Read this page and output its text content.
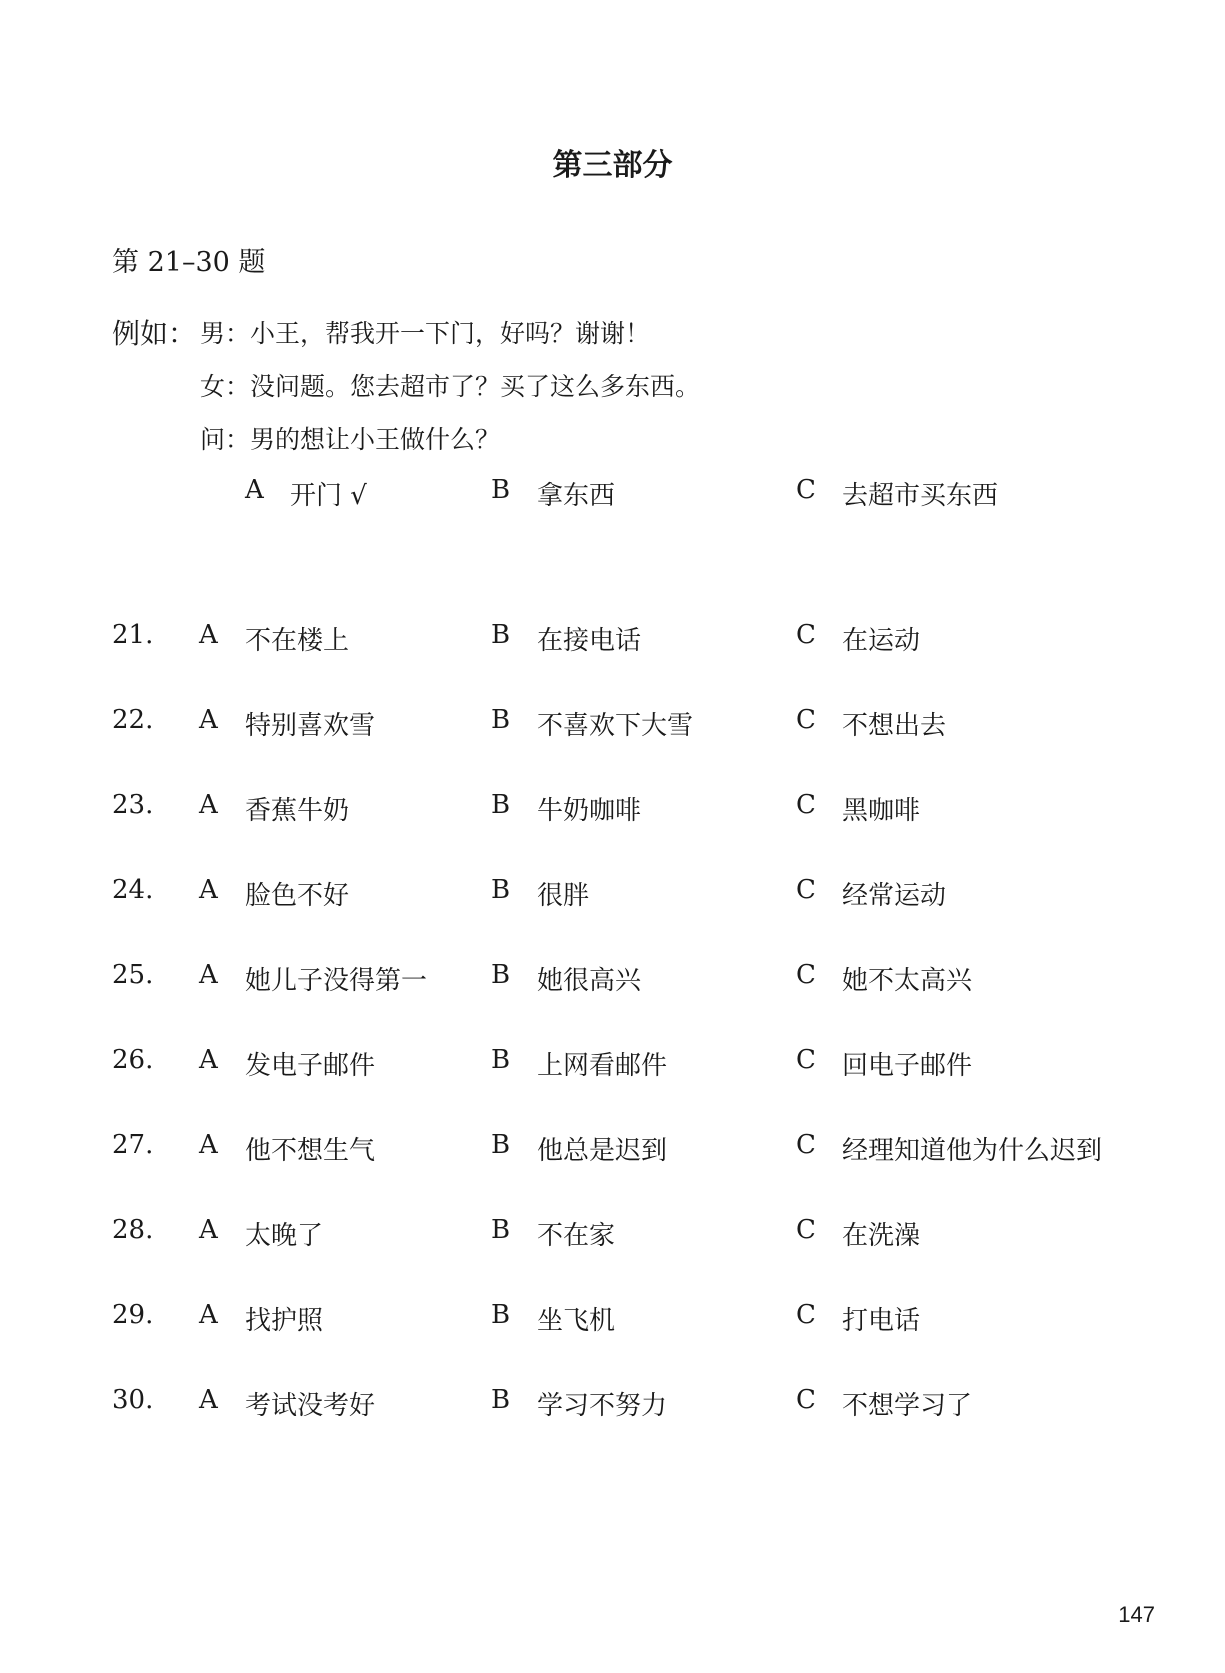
第三部分
第 21–30 题
例如： 男：小王，帮我开一下门，好吗？谢谢！
女：没问题。您去超市了？买了这么多东西。
问：男的想让小王做什么？
A 开门 √	B 拿东西	C 去超市买东西
21. A 不在楼上	B 在接电话	C 在运动
22. A 特别喜欢雪	B 不喜欢下大雪	C 不想出去
23. A 香蕉牛奶	B 牛奶咖啡	C 黑咖啡
24. A 脸色不好	B 很胖	C 经常运动
25. A 她儿子没得第一 B 她很高兴	C 她不太高兴
26. A 发电子邮件	B 上网看邮件	C 回电子邮件
27. A 他不想生气	B 他总是迟到	C 经理知道他为什么迟到
28. A 太晚了	B 不在家	C 在洗澡
29. A 找护照	B 坐飞机	C 打电话
30. A 考试没考好	B 学习不努力	C 不想学习了
147
